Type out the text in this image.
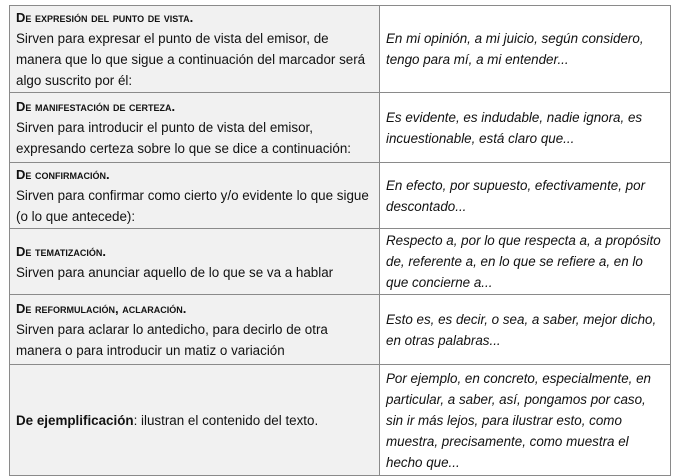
De expresión del punto de vista.
Sirven para expresar el punto de vista del emisor, de manera que lo que sigue a continuación del marcador será algo suscrito por él:	En mi opinión, a mi juicio, según considero, tengo para mí, a mi entender...

De manifestación de certeza.
Sirven para introducir el punto de vista del emisor, expresando certeza sobre lo que se dice a continuación:	Es evidente, es indudable, nadie ignora, es incuestionable, está claro que...

De confirmación.
Sirven para confirmar como cierto y/o evidente lo que sigue (o lo que antecede):	En efecto, por supuesto, efectivamente, por descontado...

De tematización.
Sirven para anunciar aquello de lo que se va a hablar	Respecto a, por lo que respecta a, a propósito de, referente a, en lo que se refiere a, en lo que concierne a...

De reformulación, aclaración.
Sirven para aclarar lo antedicho, para decirlo de otra manera o para introducir un matiz o variación	Esto es, es decir, o sea, a saber, mejor dicho, en otras palabras...
De ejemplificación: ilustran el contenido del texto.	Por ejemplo, en concreto, especialmente, en particular, a saber, así, pongamos por caso, sin ir más lejos, para ilustrar esto, como muestra, precisamente, como muestra el hecho que...
